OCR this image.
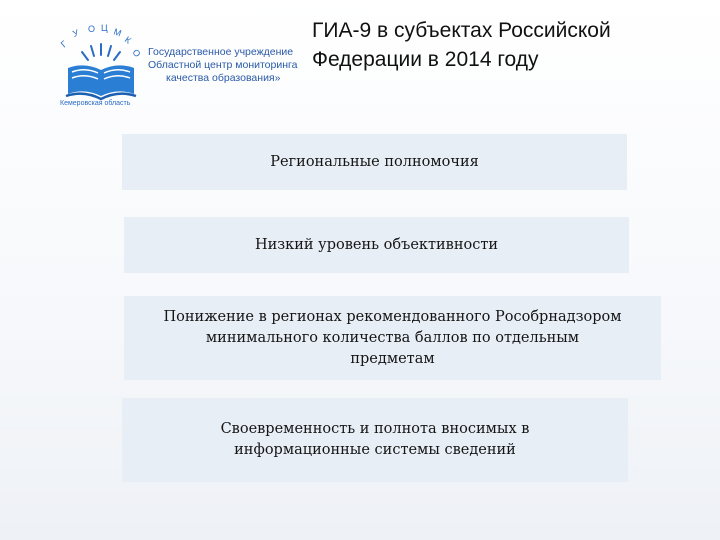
Г
У О Ц М
К
О
Кемеровская область
Государственное учреждение
Областной центр мониторинга
качества образования»
ГИА-9 в субъектах Российской
Федерации в 2014 году
Региональные полномочия
Низкий уровень объективности
Понижение в регионах рекомендованного Рособрнадзором
минимального количества баллов по отдельным
предметам
Своевременность и полнота вносимых в
информационные системы сведений
